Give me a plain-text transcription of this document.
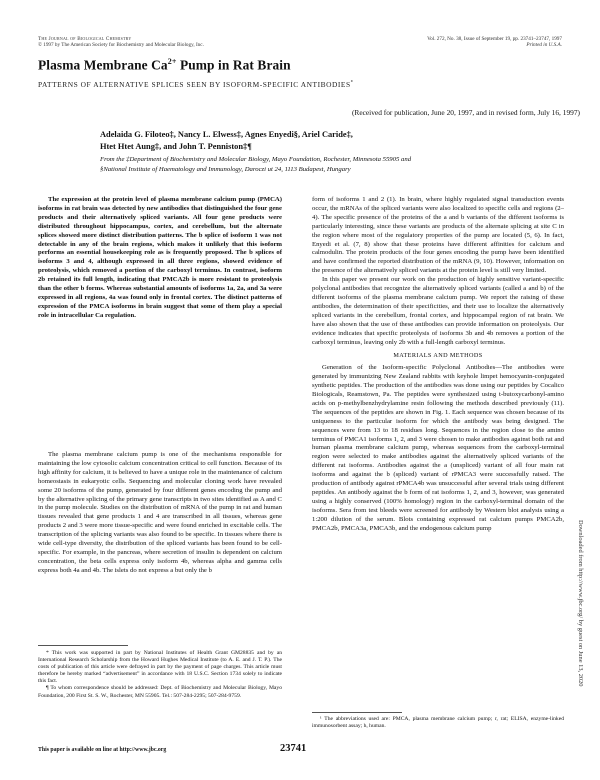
The Journal of Biological Chemistry
© 1997 by The American Society for Biochemistry and Molecular Biology, Inc.
Vol. 272, No. 38, Issue of September 19, pp. 23741–23747, 1997
Printed in U.S.A.
Plasma Membrane $Ca^{2+}$ Pump in Rat Brain
PATTERNS OF ALTERNATIVE SPLICES SEEN BY ISOFORM-SPECIFIC ANTIBODIES*
(Received for publication, June 20, 1997, and in revised form, July 16, 1997)
Adelaida G. Filoteo‡, Nancy L. Elwess‡, Agnes Enyedi§, Ariel Caride‡,
Htet Htet Aung‡, and John T. Penniston‡¶
From the ‡Department of Biochemistry and Molecular Biology, Mayo Foundation, Rochester, Minnesota 55905 and
§National Institute of Haematology and Immunology, Daroczi ut 24, 1113 Budapest, Hungary

The expression at the protein level of plasma membrane calcium pump (PMCA) isoforms in rat brain was detected by new antibodies that distinguished the four gene products and their alternatively spliced variants. All four gene products were distributed throughout hippocampus, cortex, and cerebellum, but the alternate splices showed more distinct distribution patterns. The b splice of isoform 1 was not detectable in any of the brain regions, which makes it unlikely that this isoform performs an essential housekeeping role as is frequently proposed. The b splices of isoforms 3 and 4, although expressed in all three regions, showed evidence of proteolysis, which removed a portion of the carboxyl terminus. In contrast, isoform 2b retained its full length, indicating that PMCA2b is more resistant to proteolysis than the other b forms. Whereas substantial amounts of isoforms 1a, 2a, and 3a were expressed in all regions, 4a was found only in frontal cortex. The distinct patterns of expression of the PMCA isoforms in brain suggest that some of them play a special role in intracellular Ca regulation.

The plasma membrane calcium pump is one of the mechanisms responsible for maintaining the low cytosolic calcium concentration critical to cell function. Because of its high affinity for calcium, it is believed to have a unique role in the maintenance of calcium homeostasis in eukaryotic cells. Sequencing and molecular cloning work have revealed some 20 isoforms of the pump, generated by four different genes encoding the pump and by the alternative splicing of the primary gene transcripts in two sites identified as A and C in the pump molecule. Studies on the distribution of mRNA of the pump in rat and human tissues revealed that gene products 1 and 4 are transcribed in all tissues, whereas gene products 2 and 3 were more tissue-specific and were found enriched in excitable cells. The transcription of the splicing variants was also found to be specific. In tissues where there is wide cell-type diversity, the distribution of the spliced variants has been found to be cell-specific. For example, in the pancreas, where secretion of insulin is dependent on calcium concentration, the beta cells express only isoform 4b, whereas alpha and gamma cells express both 4a and 4b. The islets do not express a but only the b

* This work was supported in part by National Institutes of Health Grant GM28835 and by an International Research Scholarship from the Howard Hughes Medical Institute (to A. E. and J. T. P.). The costs of publication of this article were defrayed in part by the payment of page charges. This article must therefore be hereby marked “advertisement” in accordance with 18 U.S.C. Section 1734 solely to indicate this fact.

¶ To whom correspondence should be addressed: Dept. of Biochemistry and Molecular Biology, Mayo Foundation, 200 First St. S. W., Rochester, MN 55905. Tel.: 507-284-2295; 507-284-9759.

form of isoforms 1 and 2 (1). In brain, where highly regulated signal transduction events occur, the mRNAs of the spliced variants were also localized to specific cells and regions (2–4). The specific presence of the proteins of the a and b variants of the different isoforms is particularly interesting, since these variants are products of the alternate splicing at site C in the region where most of the regulatory properties of the pump are located (5, 6). In fact, Enyedi et al. (7, 8) show that these proteins have different affinities for calcium and calmodulin. The protein products of the four genes encoding the pump have been identified and have confirmed the reported distribution of the mRNA (9, 10). However, information on the presence of the alternatively spliced variants at the protein level is still very limited.

In this paper we present our work on the production of highly sensitive variant-specific polyclonal antibodies that recognize the alternatively spliced variants (called a and b) of the different isoforms of the plasma membrane calcium pump. We report the raising of these antibodies, the determination of their specificities, and their use to localize the alternatively spliced variants in the cerebellum, frontal cortex, and hippocampal region of rat brain. We have also shown that the use of these antibodies can provide information on proteolysis. Our evidence indicates that specific proteolysis of isoforms 3b and 4b removes a portion of the carboxyl terminus, leaving only 2b with a full-length carboxyl terminus.

MATERIALS AND METHODS

Generation of the Isoform-specific Polyclonal Antibodies—The antibodies were generated by immunizing New Zealand rabbits with keyhole limpet hemocyanin-conjugated synthetic peptides. The production of the antibodies was done using our peptides by Cocalico Biologicals, Reamstown, Pa. The peptides were synthesized using t-butoxycarbonyl-amino acids on p-methylbenzhydrylamine resin following the methods described previously (11). The sequences of the peptides are shown in Fig. 1. Each sequence was chosen because of its uniqueness to the particular isoform for which the antibody was being designed. The sequences were from 13 to 18 residues long. Sequences in the region close to the amino terminus of PMCA1 isoforms 1, 2, and 3 were chosen to make antibodies against both rat and human plasma membrane calcium pump, whereas sequences from the carboxyl-terminal region were selected to make antibodies against the alternatively spliced variants of the different rat isoforms. Antibodies against the a (unspliced) variant of all four main rat isoforms and against the b (spliced) variant of rPMCA3 were successfully raised. The production of antibody against rPMCA4b was unsuccessful after several trials using different peptides. An antibody against the b form of rat isoforms 1, 2, and 3, however, was generated using a highly conserved (100% homology) region in the carboxyl-terminal domain of the isoforms. Sera from test bleeds were screened for antibody by Western blot analysis using a 1:200 dilution of the serum. Blots containing expressed rat calcium pumps PMCA2b, PMCA2b, PMCA3a, PMCA3b, and the endogenous calcium pump

¹ The abbreviations used are: PMCA, plasma membrane calcium pump; r, rat; ELISA, enzyme-linked immunosorbent assay; h, human.

This paper is available on line at http://www.jbc.org	23741
Downloaded from http://www.jbc.org/ by guest on June 13, 2020
